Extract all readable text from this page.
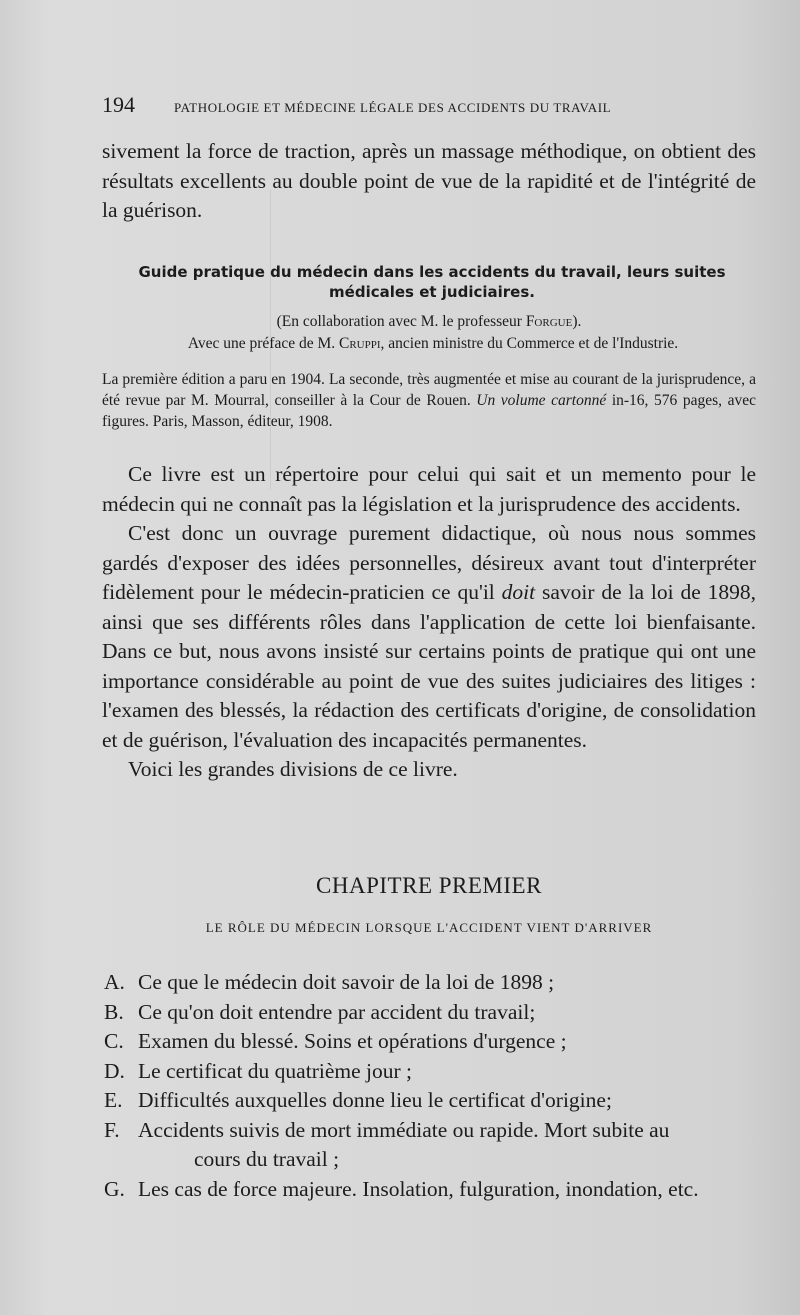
194	PATHOLOGIE ET MÉDECINE LÉGALE DES ACCIDENTS DU TRAVAIL

sivement la force de traction, après un massage méthodique, on obtient des résultats excellents au double point de vue de la rapidité et de l'intégrité de la guérison.

Guide pratique du médecin dans les accidents du travail, leurs suites médicales et judiciaires.
(En collaboration avec M. le professeur Forgue).
Avec une préface de M. Cruppi, ancien ministre du Commerce et de l'Industrie.

La première édition a paru en 1904. La seconde, très augmentée et mise au courant de la jurisprudence, a été revue par M. Mourral, conseiller à la Cour de Rouen. Un volume cartonné in-16, 576 pages, avec figures. Paris, Masson, éditeur, 1908.

Ce livre est un répertoire pour celui qui sait et un memento pour le médecin qui ne connaît pas la législation et la jurisprudence des accidents.

C'est donc un ouvrage purement didactique, où nous nous sommes gardés d'exposer des idées personnelles, désireux avant tout d'interpréter fidèlement pour le médecin-praticien ce qu'il doit savoir de la loi de 1898, ainsi que ses différents rôles dans l'application de cette loi bienfaisante. Dans ce but, nous avons insisté sur certains points de pratique qui ont une importance considérable au point de vue des suites judiciaires des litiges : l'examen des blessés, la rédaction des certificats d'origine, de consolidation et de guérison, l'évaluation des incapacités permanentes.

Voici les grandes divisions de ce livre.

CHAPITRE PREMIER
LE RÔLE DU MÉDECIN LORSQUE L'ACCIDENT VIENT D'ARRIVER
A. Ce que le médecin doit savoir de la loi de 1898 ;
B. Ce qu'on doit entendre par accident du travail;
C. Examen du blessé. Soins et opérations d'urgence ;
D. Le certificat du quatrième jour ;
E. Difficultés auxquelles donne lieu le certificat d'origine;
F. Accidents suivis de mort immédiate ou rapide. Mort subite au
cours du travail ;
G. Les cas de force majeure. Insolation, fulguration, inondation, etc.
